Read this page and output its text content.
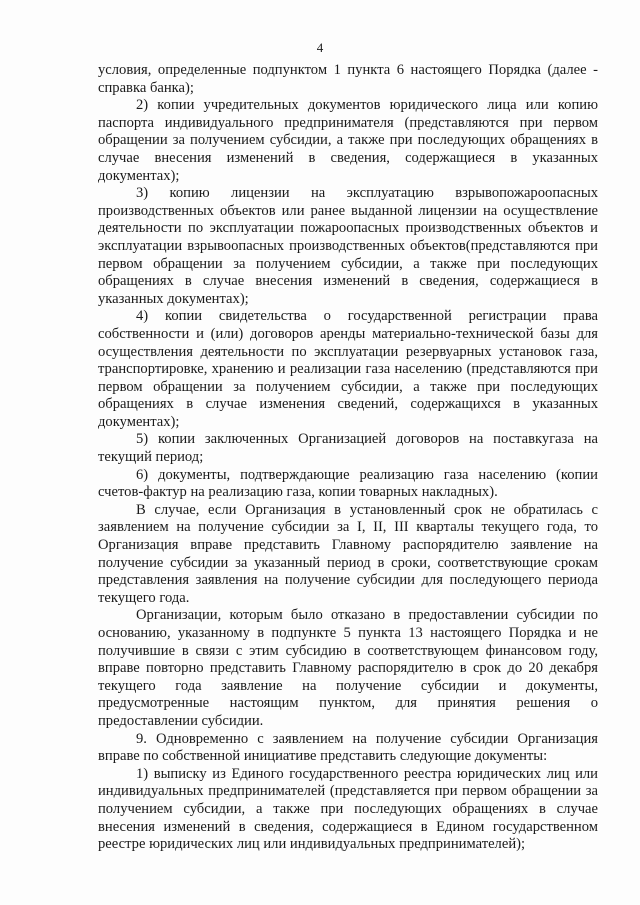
4

условия, определенные подпунктом 1 пункта 6 настоящего Порядка (далее - справка банка);

2) копии учредительных документов юридического лица или копию паспорта индивидуального предпринимателя (представляются при первом обращении за получением субсидии, а также при последующих обращениях в случае внесения изменений в сведения, содержащиеся в указанных документах);

3) копию лицензии на эксплуатацию взрывопожароопасных производственных объектов или ранее выданной лицензии на осуществление деятельности по эксплуатации пожароопасных производственных объектов и эксплуатации взрывоопасных производственных объектов(представляются при первом обращении за получением субсидии, а также при последующих обращениях в случае внесения изменений в сведения, содержащиеся в указанных документах);

4) копии свидетельства о государственной регистрации права собственности и (или) договоров аренды материально-технической базы для осуществления деятельности по эксплуатации резервуарных установок газа, транспортировке, хранению и реализации газа населению (представляются при первом обращении за получением субсидии, а также при последующих обращениях в случае изменения сведений, содержащихся в указанных документах);

5) копии заключенных Организацией договоров на поставкугаза на текущий период;

6) документы, подтверждающие реализацию газа населению (копии счетов-фактур на реализацию газа, копии товарных накладных).

В случае, если Организация в установленный срок не обратилась с заявлением на получение субсидии за I, II, III кварталы текущего года, то Организация вправе представить Главному распорядителю заявление на получение субсидии за указанный период в сроки, соответствующие срокам представления заявления на получение субсидии для последующего периода текущего года.

Организации, которым было отказано в предоставлении субсидии по основанию, указанному в подпункте 5 пункта 13 настоящего Порядка и не получившие в связи с этим субсидию в соответствующем финансовом году, вправе повторно представить Главному распорядителю в срок до 20 декабря текущего года заявление на получение субсидии и документы, предусмотренные настоящим пунктом, для принятия решения о предоставлении субсидии.

9. Одновременно с заявлением на получение субсидии Организация вправе по собственной инициативе представить следующие документы:

1) выписку из Единого государственного реестра юридических лиц или индивидуальных предпринимателей (представляется при первом обращении за получением субсидии, а также при последующих обращениях в случае внесения изменений в сведения, содержащиеся в Едином государственном реестре юридических лиц или индивидуальных предпринимателей);
